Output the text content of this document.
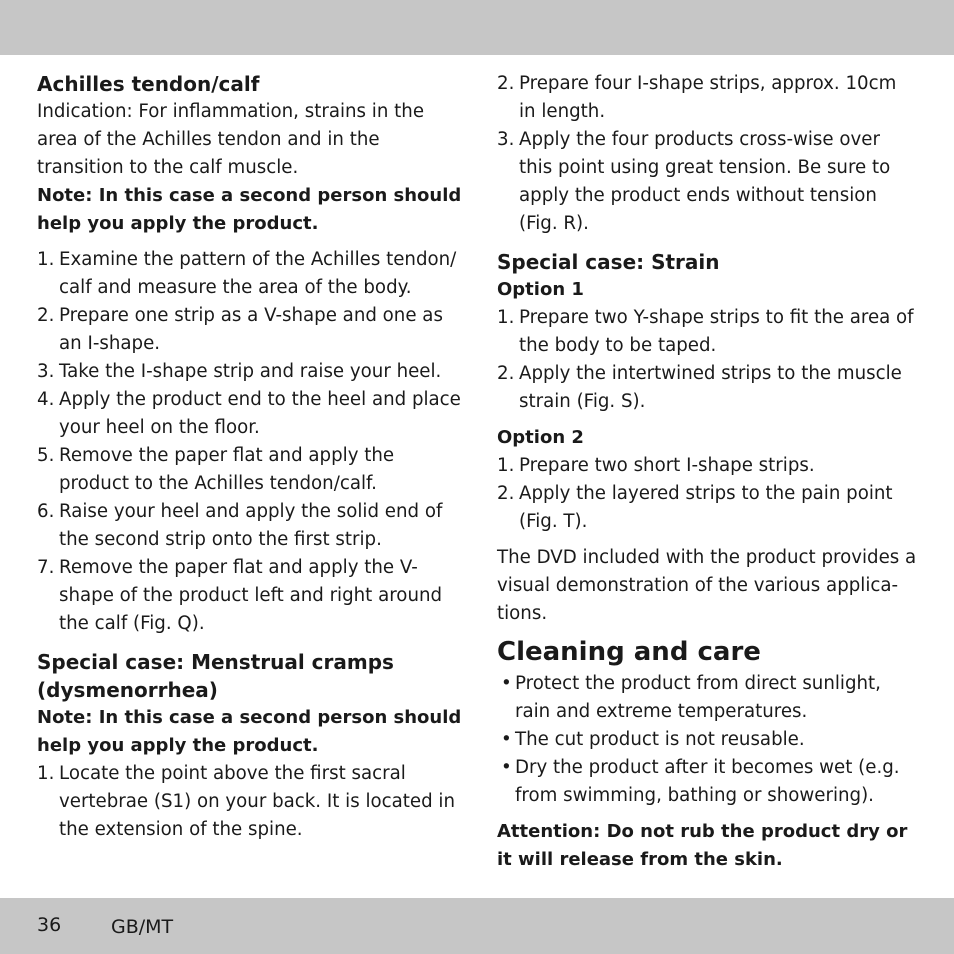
Achilles tendon/calf

Indication: For inflammation, strains in the area of the Achilles tendon and in the transition to the calf muscle.

Note: In this case a second person should help you apply the product.

1. Examine the pattern of the Achilles tendon/ calf and measure the area of the body.
2. Prepare one strip as a V-shape and one as an I-shape.
3. Take the I-shape strip and raise your heel.
4. Apply the product end to the heel and place your heel on the floor.
5. Remove the paper flat and apply the product to the Achilles tendon/calf.
6. Raise your heel and apply the solid end of the second strip onto the first strip.
7. Remove the paper flat and apply the V-shape of the product left and right around the calf (Fig. Q).

Special case: Menstrual cramps (dysmenorrhea)

Note: In this case a second person should help you apply the product.

1. Locate the point above the first sacral vertebrae (S1) on your back. It is located in the extension of the spine.
2. Prepare four I-shape strips, approx. 10cm in length.
3. Apply the four products cross-wise over this point using great tension. Be sure to apply the product ends without tension (Fig. R).

Special case: Strain

Option 1

1. Prepare two Y-shape strips to fit the area of the body to be taped.
2. Apply the intertwined strips to the muscle strain (Fig. S).

Option 2

1. Prepare two short I-shape strips.
2. Apply the layered strips to the pain point (Fig. T).

The DVD included with the product provides a visual demonstration of the various applica- tions.

Cleaning and care

• Protect the product from direct sunlight, rain and extreme temperatures.
• The cut product is not reusable.
• Dry the product after it becomes wet (e.g. from swimming, bathing or showering).

Attention: Do not rub the product dry or it will release from the skin.

36	GB/MT
